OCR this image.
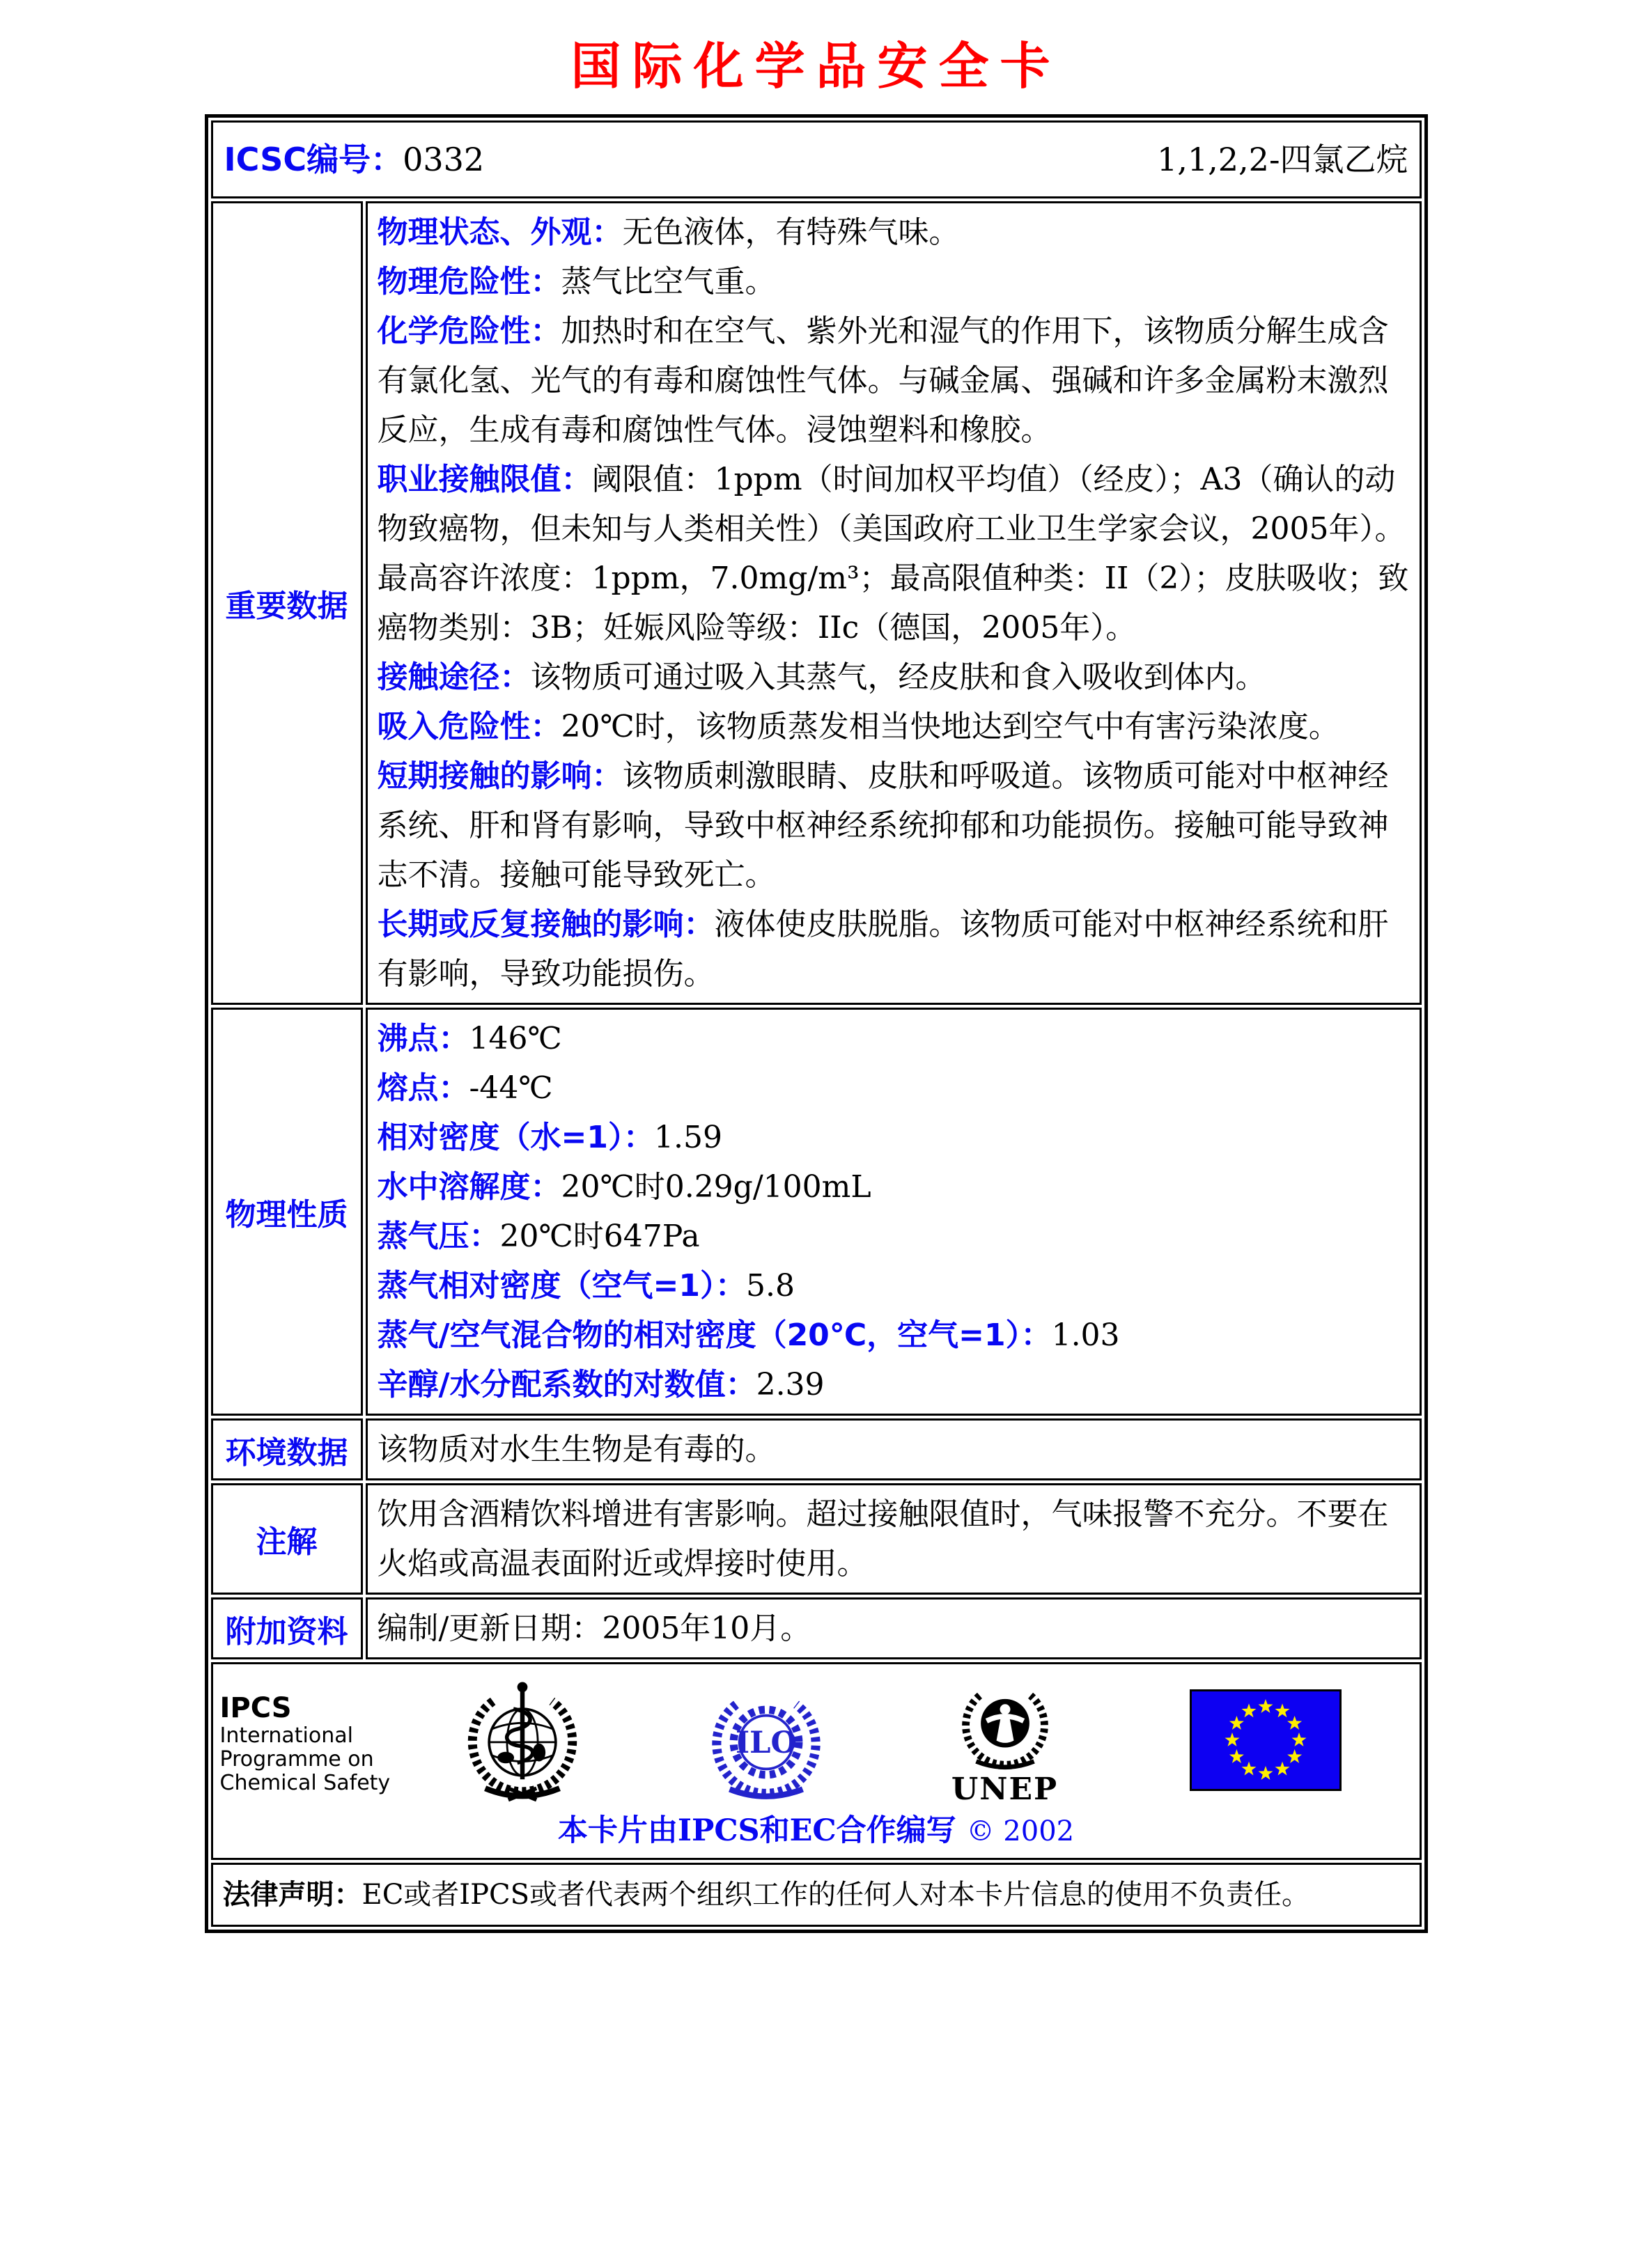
国际化学品安全卡
ICSC编号：0332 1,1,2,2-四氯乙烷	

重要数据	
物理状态、外观：无色液体，有特殊气味。
物理危险性：蒸气比空气重。
化学危险性：加热时和在空气、紫外光和湿气的作用下，该物质分解生成含有氯化氢、光气的有毒和腐蚀性气体。与碱金属、强碱和许多金属粉末激烈反应，生成有毒和腐蚀性气体。浸蚀塑料和橡胶。
职业接触限值：阈限值：1ppm（时间加权平均值）（经皮）；A3（确认的动物致癌物，但未知与人类相关性）（美国政府工业卫生学家会议，2005年）。最高容许浓度：1ppm，7.0mg/m³；最高限值种类：II（2）；皮肤吸收；致癌物类别：3B；妊娠风险等级：IIc（德国，2005年）。
接触途径：该物质可通过吸入其蒸气，经皮肤和食入吸收到体内。
吸入危险性：20℃时，该物质蒸发相当快地达到空气中有害污染浓度。
短期接触的影响：该物质刺激眼睛、皮肤和呼吸道。该物质可能对中枢神经系统、肝和肾有影响，导致中枢神经系统抑郁和功能损伤。接触可能导致神志不清。接触可能导致死亡。
长期或反复接触的影响：液体使皮肤脱脂。该物质可能对中枢神经系统和肝有影响，导致功能损伤。

物理性质	
沸点：146℃
熔点：-44℃
相对密度（水=1）：1.59
水中溶解度：20℃时0.29g/100mL
蒸气压：20℃时647Pa
蒸气相对密度（空气=1）：5.8
蒸气/空气混合物的相对密度（20℃，空气=1）：1.03
辛醇/水分配系数的对数值：2.39

环境数据	该物质对水生生物是有毒的。
注解	饮用含酒精饮料增进有害影响。超过接触限值时，气味报警不充分。不要在火焰或高温表面附近或焊接时使用。
附加资料	编制/更新日期：2005年10月。

IPCS
International
Programme on
Chemical Safety
ILO
UNEP
本卡片由IPCS和EC合作编写 © 2002

法律声明：EC或者IPCS或者代表两个组织工作的任何人对本卡片信息的使用不负责任。	
